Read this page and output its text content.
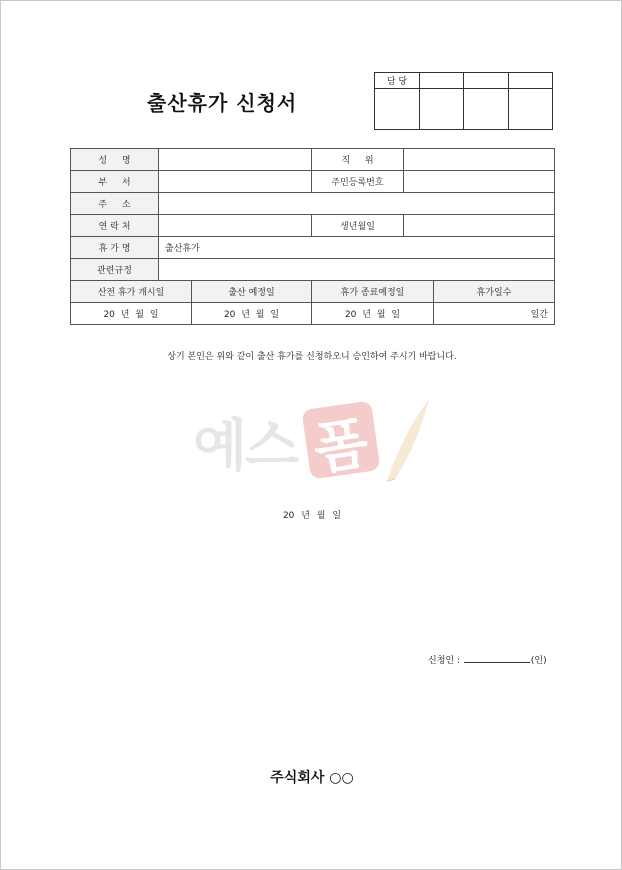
출산휴가 신청서
담 당			

성 명			직 위		
부 서			주민등록번호		
주 소					
연 락 처			생년월일		
휴 가 명	출산휴가				
관련규정					
산전 휴가 개시일		출산 예정일	휴가 종료예정일		휴가일수
20 년 월 일		20 년 월 일	20 년 월 일		일간
상기 본인은 위와 같이 출산 휴가를 신청하오니 승인하여 주시기 바랍니다.
예스 폼
20 년 월 일
신청인 :	(인)
주식회사 ○○
